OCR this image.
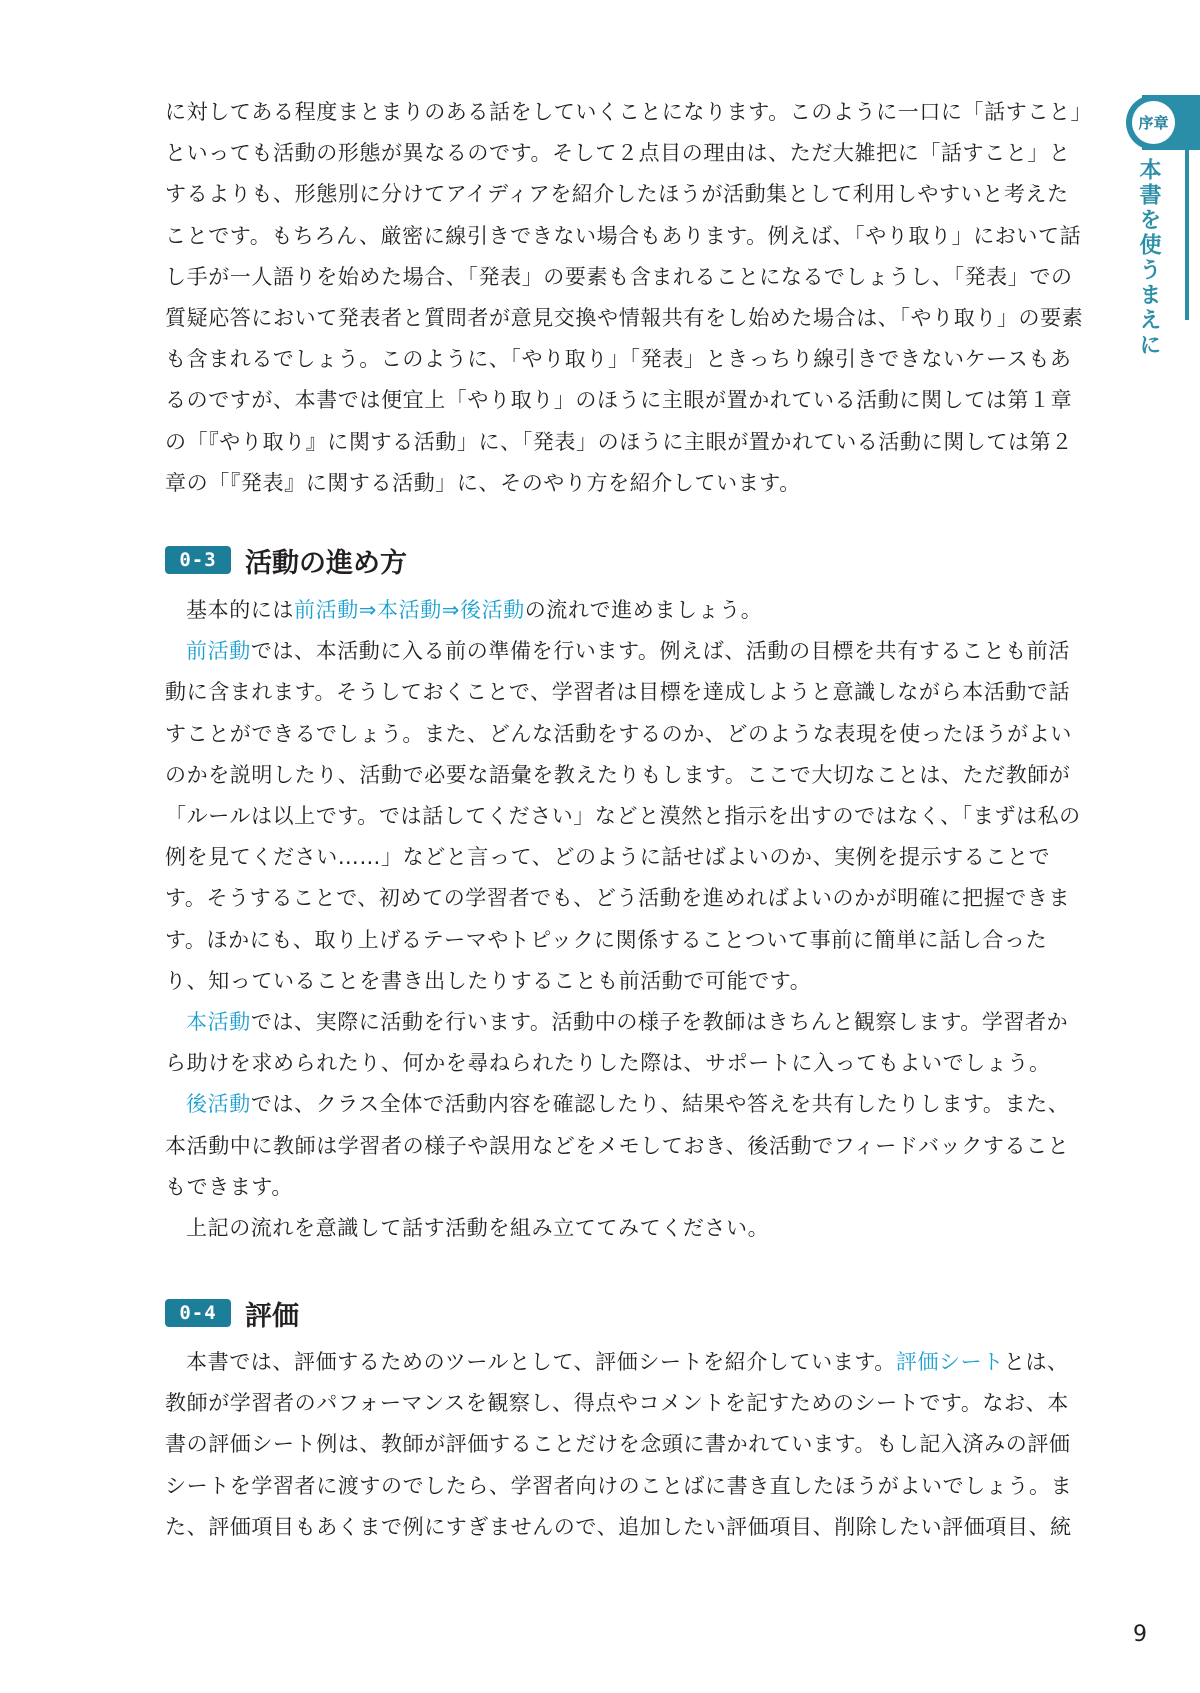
に対してある程度まとまりのある話をしていくことになります。このように一口に「話すこと」といっても活動の形態が異なるのです。そして２点目の理由は、ただ大雑把に「話すこと」とするよりも、形態別に分けてアイディアを紹介したほうが活動集として利用しやすいと考えたことです。もちろん、厳密に線引きできない場合もあります。例えば、「やり取り」において話し手が一人語りを始めた場合、「発表」の要素も含まれることになるでしょうし、「発表」での質疑応答において発表者と質問者が意見交換や情報共有をし始めた場合は、「やり取り」の要素も含まれるでしょう。このように、「やり取り」「発表」ときっちり線引きできないケースもあるのですが、本書では便宜上「やり取り」のほうに主眼が置かれている活動に関しては第１章の「『やり取り』に関する活動」に、「発表」のほうに主眼が置かれている活動に関しては第２章の「『発表』に関する活動」に、そのやり方を紹介しています。

0-3	活動の進め方

基本的には前活動⇒本活動⇒後活動の流れで進めましょう。

前活動では、本活動に入る前の準備を行います。例えば、活動の目標を共有することも前活動に含まれます。そうしておくことで、学習者は目標を達成しようと意識しながら本活動で話すことができるでしょう。また、どんな活動をするのか、どのような表現を使ったほうがよいのかを説明したり、活動で必要な語彙を教えたりもします。ここで大切なことは、ただ教師が「ルールは以上です。では話してください」などと漠然と指示を出すのではなく、「まずは私の例を見てください……」などと言って、どのように話せばよいのか、実例を提示することです。そうすることで、初めての学習者でも、どう活動を進めればよいのかが明確に把握できます。ほかにも、取り上げるテーマやトピックに関係することついて事前に簡単に話し合ったり、知っていることを書き出したりすることも前活動で可能です。

本活動では、実際に活動を行います。活動中の様子を教師はきちんと観察します。学習者から助けを求められたり、何かを尋ねられたりした際は、サポートに入ってもよいでしょう。

後活動では、クラス全体で活動内容を確認したり、結果や答えを共有したりします。また、本活動中に教師は学習者の様子や誤用などをメモしておき、後活動でフィードバックすることもできます。

上記の流れを意識して話す活動を組み立ててみてください。

0-4	評価

本書では、評価するためのツールとして、評価シートを紹介しています。評価シートとは、教師が学習者のパフォーマンスを観察し、得点やコメントを記すためのシートです。なお、本書の評価シート例は、教師が評価することだけを念頭に書かれています。もし記入済みの評価シートを学習者に渡すのでしたら、学習者向けのことばに書き直したほうがよいでしょう。また、評価項目もあくまで例にすぎませんので、追加したい評価項目、削除したい評価項目、統

序章
本書を使うまえに
9
